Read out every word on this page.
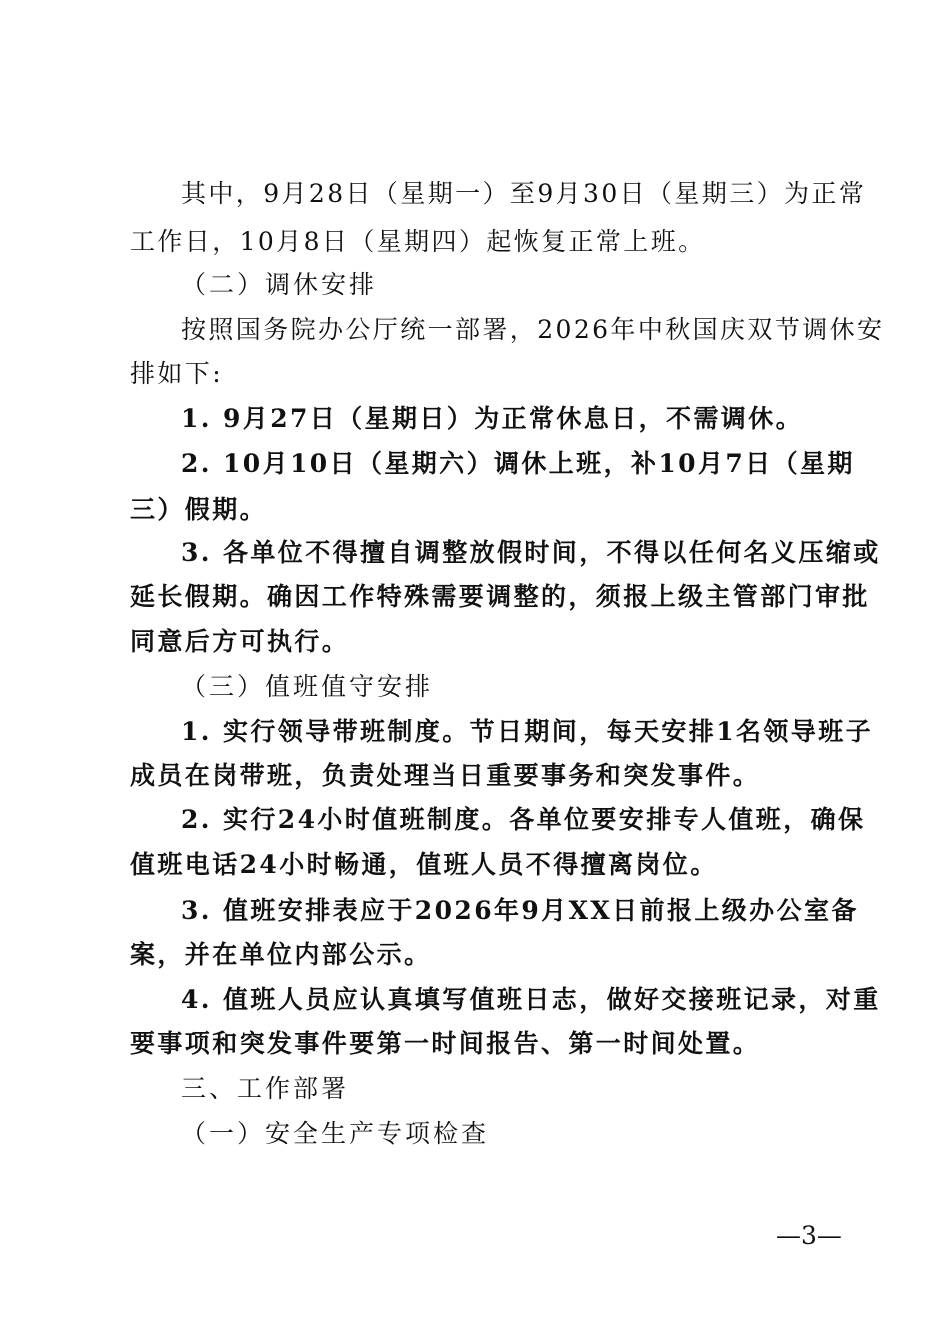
其中，9月28日（星期一）至9月30日（星期三）为正常
工作日，10月8日（星期四）起恢复正常上班。
（二）调休安排
按照国务院办公厅统一部署，2026年中秋国庆双节调休安
排如下:
1. 9月27日（星期日）为正常休息日，不需调休。
2. 10月10日（星期六）调休上班，补10月7日（星期
三）假期。
3. 各单位不得擅自调整放假时间，不得以任何名义压缩或
延长假期。确因工作特殊需要调整的，须报上级主管部门审批
同意后方可执行。
（三）值班值守安排
1. 实行领导带班制度。节日期间，每天安排1名领导班子
成员在岗带班，负责处理当日重要事务和突发事件。
2. 实行24小时值班制度。各单位要安排专人值班，确保
值班电话24小时畅通，值班人员不得擅离岗位。
3. 值班安排表应于2026年9月XX日前报上级办公室备
案，并在单位内部公示。
4. 值班人员应认真填写值班日志，做好交接班记录，对重
要事项和突发事件要第一时间报告、第一时间处置。
三、工作部署
（一）安全生产专项检查
—3—
